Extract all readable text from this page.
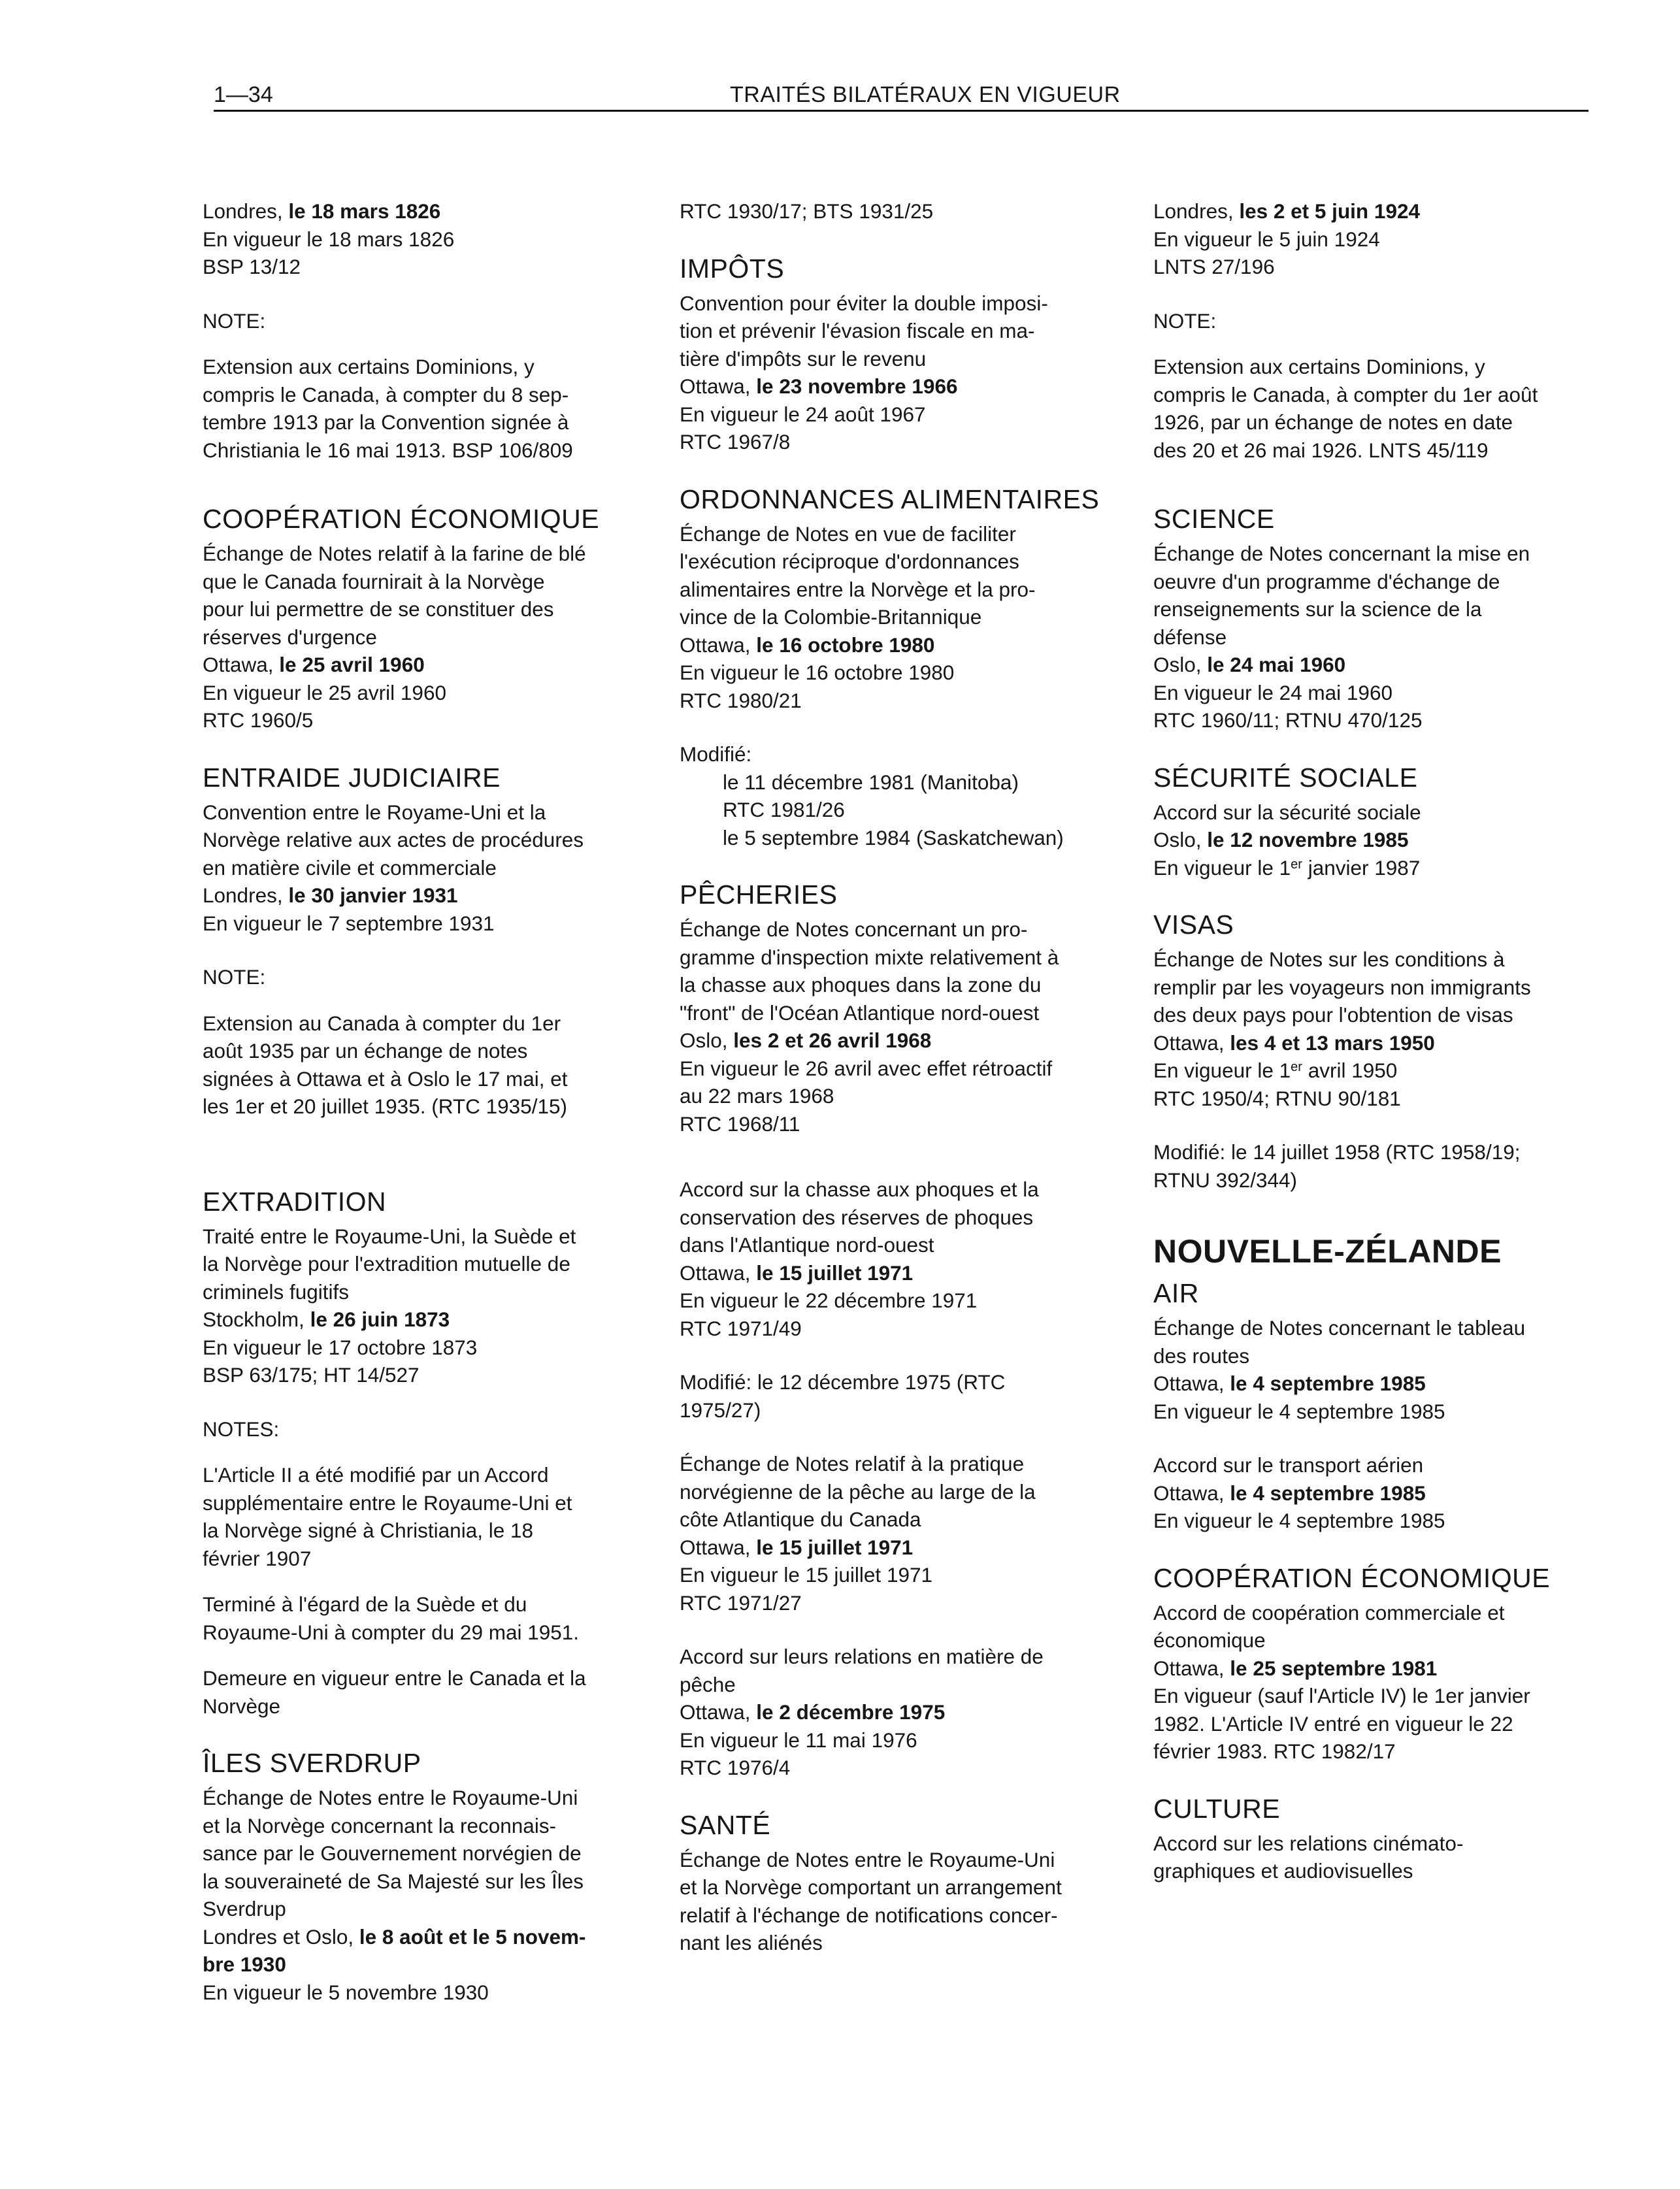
1—34	TRAITÉS BILATÉRAUX EN VIGUEUR
Londres, le 18 mars 1826
En vigueur le 18 mars 1826
BSP 13/12
NOTE:
Extension aux certains Dominions, y
compris le Canada, à compter du 8 sep-
tembre 1913 par la Convention signée à
Christiania le 16 mai 1913. BSP 106/809
COOPÉRATION ÉCONOMIQUE
Échange de Notes relatif à la farine de blé
que le Canada fournirait à la Norvège
pour lui permettre de se constituer des
réserves d'urgence
Ottawa, le 25 avril 1960
En vigueur le 25 avril 1960
RTC 1960/5
ENTRAIDE JUDICIAIRE
Convention entre le Royame-Uni et la
Norvège relative aux actes de procédures
en matière civile et commerciale
Londres, le 30 janvier 1931
En vigueur le 7 septembre 1931
NOTE:
Extension au Canada à compter du 1er
août 1935 par un échange de notes
signées à Ottawa et à Oslo le 17 mai, et
les 1er et 20 juillet 1935. (RTC 1935/15)
EXTRADITION
Traité entre le Royaume-Uni, la Suède et
la Norvège pour l'extradition mutuelle de
criminels fugitifs
Stockholm, le 26 juin 1873
En vigueur le 17 octobre 1873
BSP 63/175; HT 14/527
NOTES:
L'Article II a été modifié par un Accord
supplémentaire entre le Royaume-Uni et
la Norvège signé à Christiania, le 18
février 1907
Terminé à l'égard de la Suède et du
Royaume-Uni à compter du 29 mai 1951.
Demeure en vigueur entre le Canada et la
Norvège
ÎLES SVERDRUP
Échange de Notes entre le Royaume-Uni
et la Norvège concernant la reconnais-
sance par le Gouvernement norvégien de
la souveraineté de Sa Majesté sur les Îles
Sverdrup
Londres et Oslo, le 8 août et le 5 novem-
bre 1930
En vigueur le 5 novembre 1930
RTC 1930/17; BTS 1931/25
IMPÔTS
Convention pour éviter la double imposi-
tion et prévenir l'évasion fiscale en ma-
tière d'impôts sur le revenu
Ottawa, le 23 novembre 1966
En vigueur le 24 août 1967
RTC 1967/8
ORDONNANCES ALIMENTAIRES
Échange de Notes en vue de faciliter
l'exécution réciproque d'ordonnances
alimentaires entre la Norvège et la pro-
vince de la Colombie-Britannique
Ottawa, le 16 octobre 1980
En vigueur le 16 octobre 1980
RTC 1980/21
Modifié:
le 11 décembre 1981 (Manitoba)
RTC 1981/26
le 5 septembre 1984 (Saskatchewan)
PÊCHERIES
Échange de Notes concernant un pro-
gramme d'inspection mixte relativement à
la chasse aux phoques dans la zone du
"front" de l'Océan Atlantique nord-ouest
Oslo, les 2 et 26 avril 1968
En vigueur le 26 avril avec effet rétroactif
au 22 mars 1968
RTC 1968/11
Accord sur la chasse aux phoques et la
conservation des réserves de phoques
dans l'Atlantique nord-ouest
Ottawa, le 15 juillet 1971
En vigueur le 22 décembre 1971
RTC 1971/49
Modifié: le 12 décembre 1975 (RTC
1975/27)
Échange de Notes relatif à la pratique
norvégienne de la pêche au large de la
côte Atlantique du Canada
Ottawa, le 15 juillet 1971
En vigueur le 15 juillet 1971
RTC 1971/27
Accord sur leurs relations en matière de
pêche
Ottawa, le 2 décembre 1975
En vigueur le 11 mai 1976
RTC 1976/4
SANTÉ
Échange de Notes entre le Royaume-Uni
et la Norvège comportant un arrangement
relatif à l'échange de notifications concer-
nant les aliénés
Londres, les 2 et 5 juin 1924
En vigueur le 5 juin 1924
LNTS 27/196
NOTE:
Extension aux certains Dominions, y
compris le Canada, à compter du 1er août
1926, par un échange de notes en date
des 20 et 26 mai 1926. LNTS 45/119
SCIENCE
Échange de Notes concernant la mise en
oeuvre d'un programme d'échange de
renseignements sur la science de la
défense
Oslo, le 24 mai 1960
En vigueur le 24 mai 1960
RTC 1960/11; RTNU 470/125
SÉCURITÉ SOCIALE
Accord sur la sécurité sociale
Oslo, le 12 novembre 1985
En vigueur le 1er janvier 1987
VISAS
Échange de Notes sur les conditions à
remplir par les voyageurs non immigrants
des deux pays pour l'obtention de visas
Ottawa, les 4 et 13 mars 1950
En vigueur le 1er avril 1950
RTC 1950/4; RTNU 90/181
Modifié: le 14 juillet 1958 (RTC 1958/19;
RTNU 392/344)
NOUVELLE-ZÉLANDE
AIR
Échange de Notes concernant le tableau
des routes
Ottawa, le 4 septembre 1985
En vigueur le 4 septembre 1985
Accord sur le transport aérien
Ottawa, le 4 septembre 1985
En vigueur le 4 septembre 1985
COOPÉRATION ÉCONOMIQUE
Accord de coopération commerciale et
économique
Ottawa, le 25 septembre 1981
En vigueur (sauf l'Article IV) le 1er janvier
1982. L'Article IV entré en vigueur le 22
février 1983. RTC 1982/17
CULTURE
Accord sur les relations cinémato-
graphiques et audiovisuelles
